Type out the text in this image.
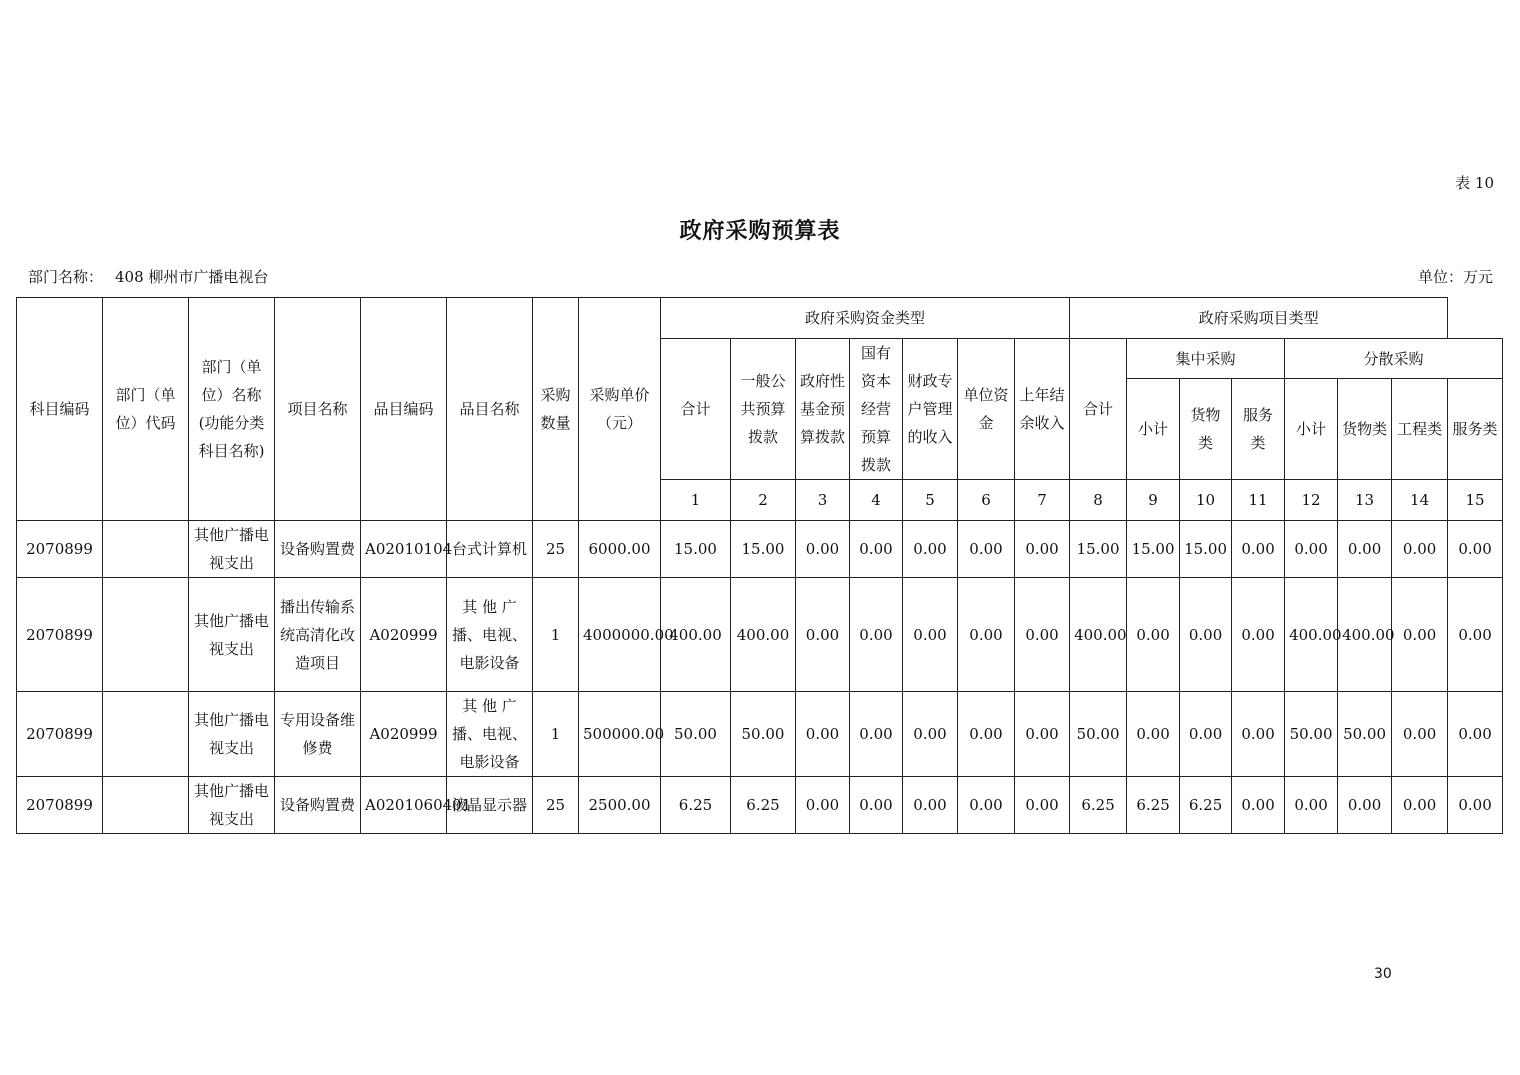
表 10
政府采购预算表
部门名称： 408 柳州市广播电视台	单位：万元
科目编码	部门（单位）代码	部门（单位）名称(功能分类科目名称)	项目名称	品目编码	品目名称	采购数量	采购单价（元）	政府采购资金类型							政府采购项目类型							
								合计	一般公共预算拨款	政府性基金预算拨款	国有资本经营预算拨款	财政专户管理的收入	单位资金	上年结余收入	合计	集中采购			分散采购			
																小计	货物类	服务类	小计	货物类	工程类	服务类
								1	2	3	4	5	6	7	8	9	10	11	12	13	14	15
2070899		其他广播电视支出	设备购置费	A02010104	台式计算机	25	6000.00	15.00	15.00	0.00	0.00	0.00	0.00	0.00	15.00	15.00	15.00	0.00	0.00	0.00	0.00	0.00
2070899		其他广播电视支出	播出传输系统高清化改造项目	A020999	其 他 广播、电视、电影设备	1	4000000.00	400.00	400.00	0.00	0.00	0.00	0.00	0.00	400.00	0.00	0.00	0.00	400.00	400.00	0.00	0.00
2070899		其他广播电视支出	专用设备维修费	A020999	其 他 广播、电视、电影设备	1	500000.00	50.00	50.00	0.00	0.00	0.00	0.00	0.00	50.00	0.00	0.00	0.00	50.00	50.00	0.00	0.00
2070899		其他广播电视支出	设备购置费	A0201060401	液晶显示器	25	2500.00	6.25	6.25	0.00	0.00	0.00	0.00	0.00	6.25	6.25	6.25	0.00	0.00	0.00	0.00	0.00
30
